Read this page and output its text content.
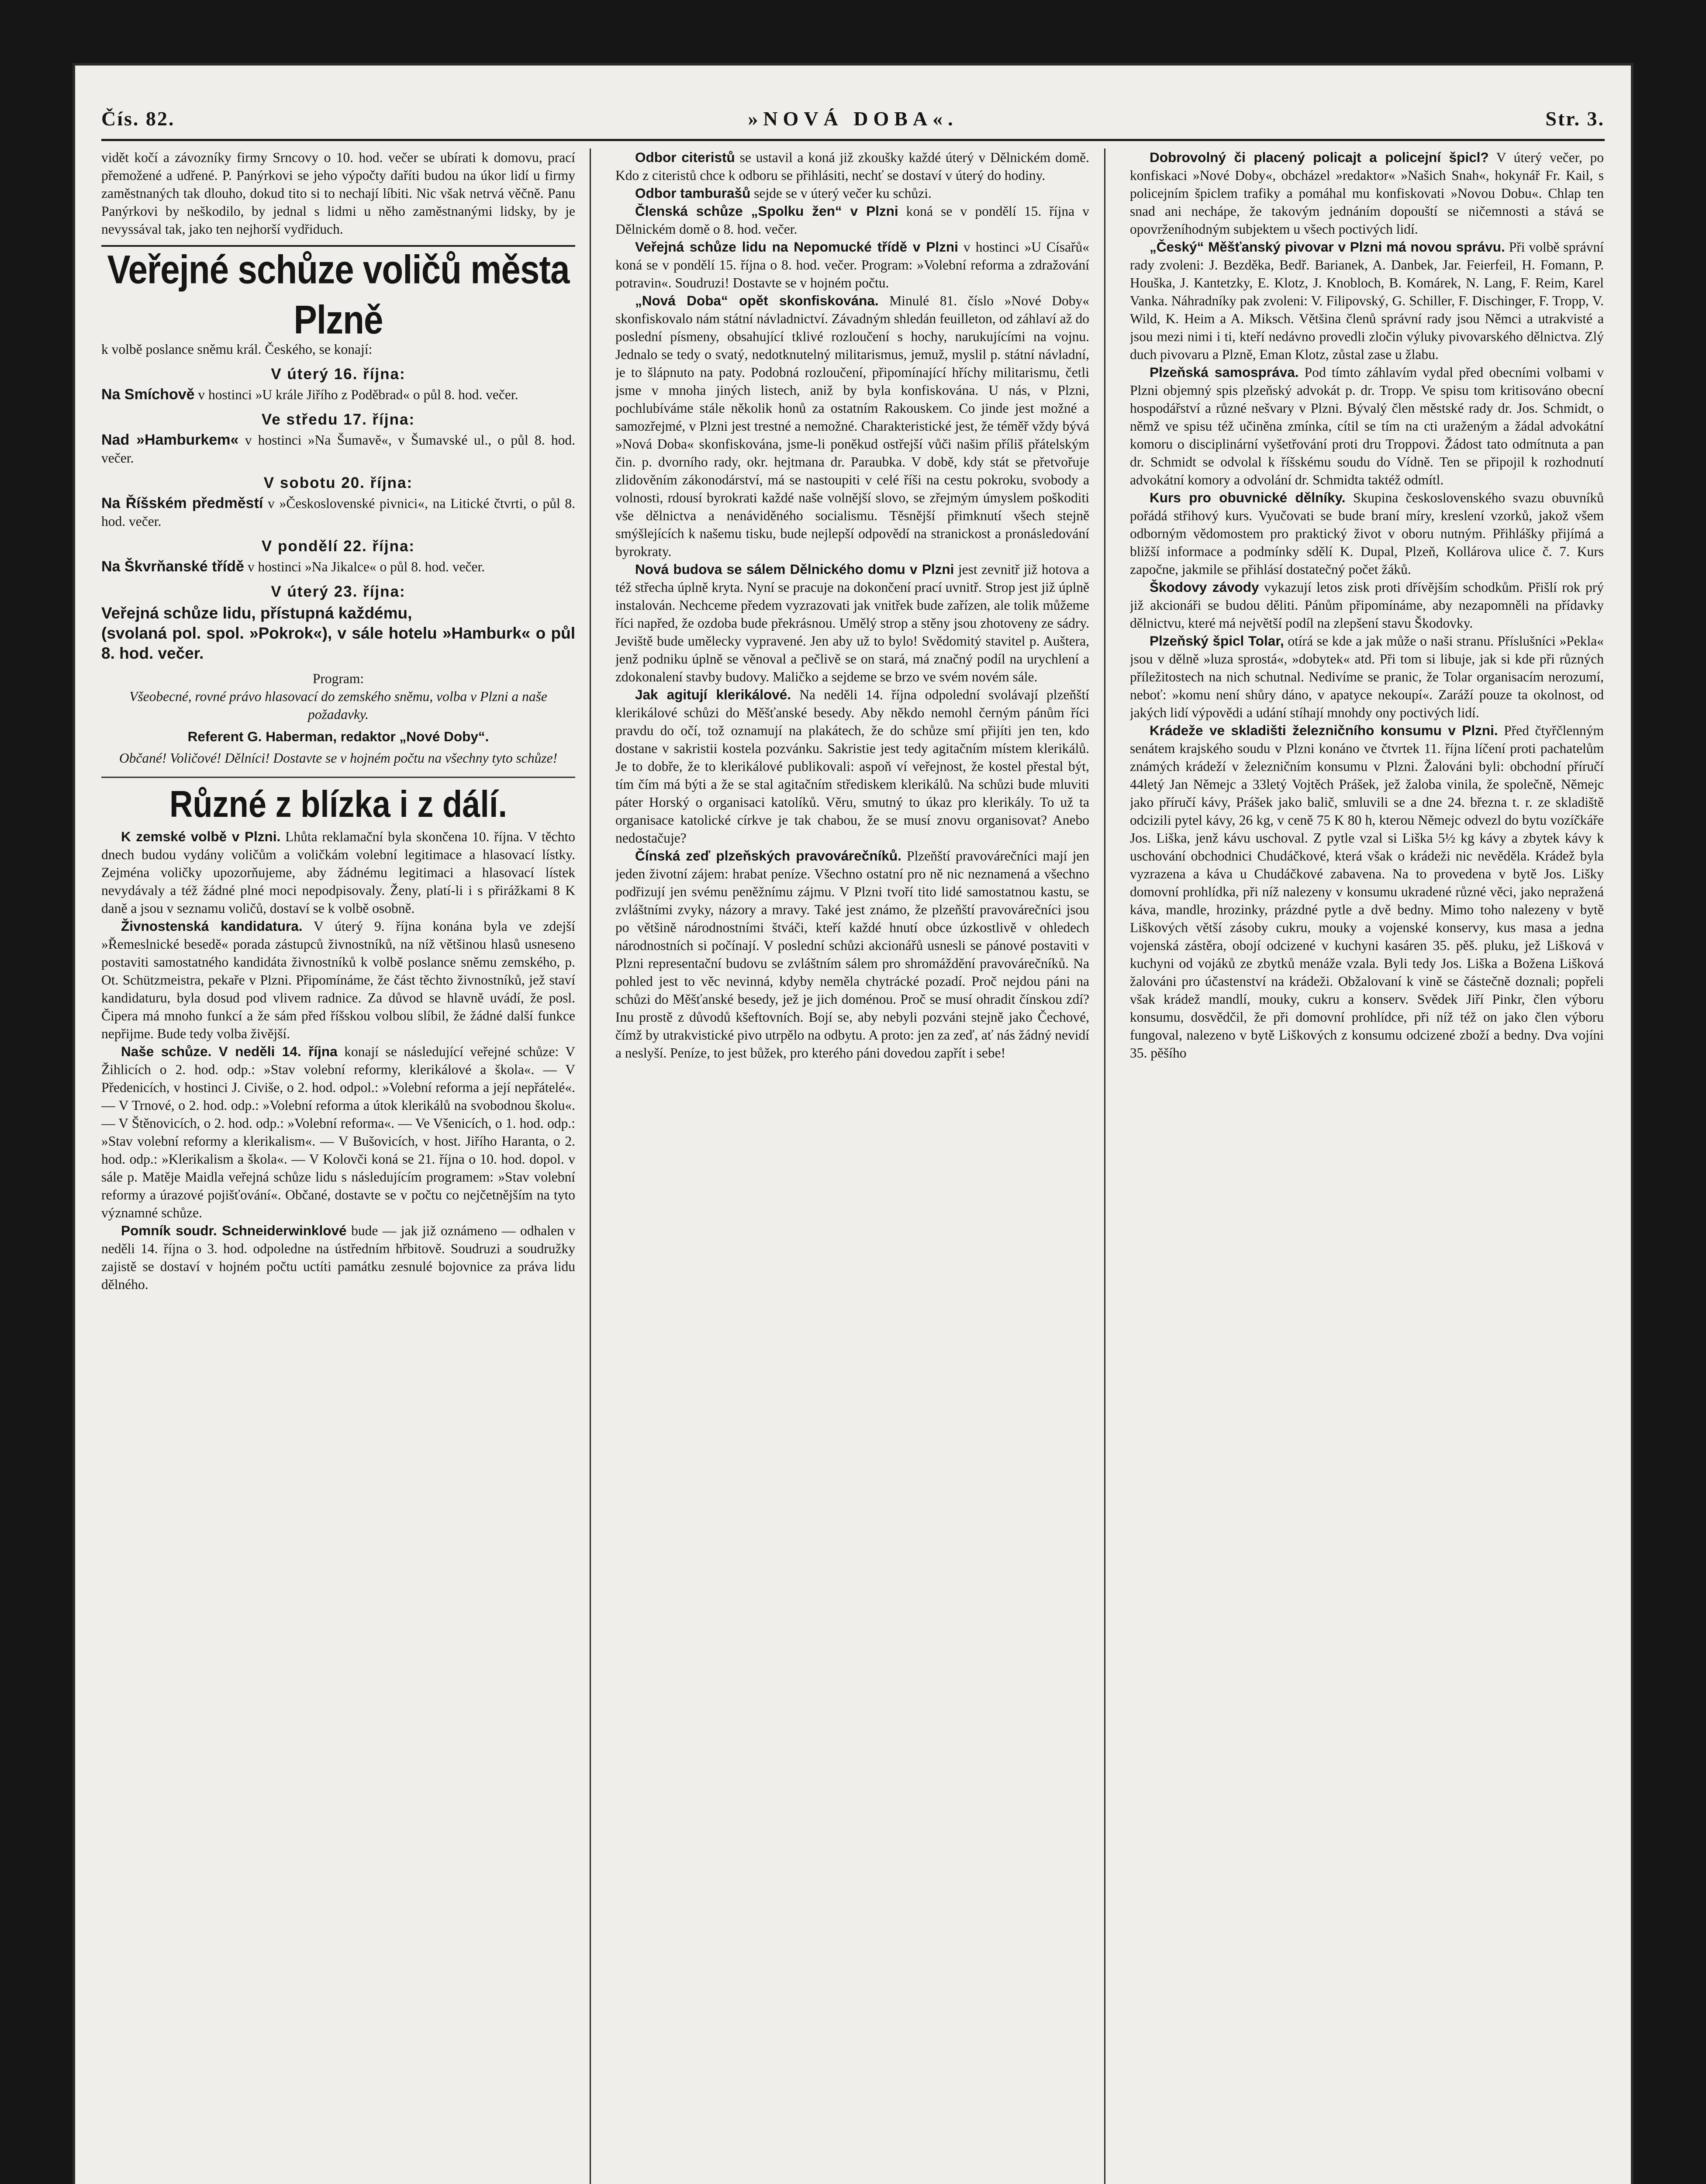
Čís. 82.	»NOVÁ DOBA«.	Str. 3.

vidět kočí a závozníky firmy Srncovy o 10. hod. večer se ubírati k domovu, prací přemožené a udřené. P. Panýrkovi se jeho výpočty daříti budou na úkor lidí u firmy zaměstnaných tak dlouho, dokud tito si to nechají líbiti. Nic však netrvá věčně. Panu Panýrkovi by neškodilo, by jednal s lidmi u něho zaměstnanými lidsky, by je nevyssával tak, jako ten nejhorší vydřiduch.

Veřejné schůze voličů města Plzně

k volbě poslance sněmu král. Českého, se konají:

V úterý 16. října:

Na Smíchově v hostinci »U krále Jiřího z Poděbrad« o půl 8. hod. večer.

Ve středu 17. října:

Nad »Hamburkem« v hostinci »Na Šumavě«, v Šumavské ul., o půl 8. hod. večer.

V sobotu 20. října:

Na Říšském předměstí v »Československé pivnici«, na Litické čtvrti, o půl 8. hod. večer.

V pondělí 22. října:

Na Škvrňanské třídě v hostinci »Na Jikalce« o půl 8. hod. večer.

V úterý 23. října:

Veřejná schůze lidu, přístupná každému,

(svolaná pol. spol. »Pokrok«), v sále hotelu »Hamburk« o půl 8. hod. večer.

Program:

Všeobecné, rovné právo hlasovací do zemského sněmu, volba v Plzni a naše požadavky.

Referent G. Haberman, redaktor „Nové Doby“.

Občané! Voličové! Dělníci! Dostavte se v hojném počtu na všechny tyto schůze!

Různé z blízka i z dálí.

K zemské volbě v Plzni. Lhůta reklamační byla skončena 10. října. V těchto dnech budou vydány voličům a voličkám volební legitimace a hlasovací lístky. Zejména voličky upozorňujeme, aby žádnému legitimaci a hlasovací lístek nevydávaly a též žádné plné moci nepodpisovaly. Ženy, platí-li i s přirážkami 8 K daně a jsou v seznamu voličů, dostaví se k volbě osobně.

Živnostenská kandidatura. V úterý 9. října konána byla ve zdejší »Řemeslnické besedě« porada zástupců živnostníků, na níž většinou hlasů usneseno postaviti samostatného kandidáta živnostníků k volbě poslance sněmu zemského, p. Ot. Schützmeistra, pekaře v Plzni. Připomínáme, že část těchto živnostníků, jež staví kandidaturu, byla dosud pod vlivem radnice. Za důvod se hlavně uvádí, že posl. Čipera má mnoho funkcí a že sám před říšskou volbou slíbil, že žádné další funkce nepřijme. Bude tedy volba živější.

Naše schůze. V neděli 14. října konají se následující veřejné schůze: V Žihlicích o 2. hod. odp.: »Stav volební reformy, klerikálové a škola«. — V Předenicích, v hostinci J. Civiše, o 2. hod. odpol.: »Volební reforma a její nepřátelé«. — V Trnové, o 2. hod. odp.: »Volební reforma a útok klerikálů na svobodnou školu«. — V Štěnovicích, o 2. hod. odp.: »Volební reforma«. — Ve Všenicích, o 1. hod. odp.: »Stav volební reformy a klerikalism«. — V Bušovicích, v host. Jiřího Haranta, o 2. hod. odp.: »Klerikalism a škola«. — V Kolovči koná se 21. října o 10. hod. dopol. v sále p. Matěje Maidla veřejná schůze lidu s následujícím programem: »Stav volební reformy a úrazové pojišťování«. Občané, dostavte se v počtu co nejčetnějším na tyto významné schůze.

Pomník soudr. Schneiderwinklové bude — jak již oznámeno — odhalen v neděli 14. října o 3. hod. odpoledne na ústředním hřbitově. Soudruzi a soudružky zajistě se dostaví v hojném počtu uctíti památku zesnulé bojovnice za práva lidu dělného.

Odbor citeristů se ustavil a koná již zkoušky každé úterý v Dělnickém domě. Kdo z citeristů chce k odboru se přihlásiti, nechť se dostaví v úterý do hodiny.

Odbor tamburašů sejde se v úterý večer ku schůzi.

Členská schůze „Spolku žen“ v Plzni koná se v pondělí 15. října v Dělnickém domě o 8. hod. večer.

Veřejná schůze lidu na Nepomucké třídě v Plzni v hostinci »U Císařů« koná se v pondělí 15. října o 8. hod. večer. Program: »Volební reforma a zdražování potravin«. Soudruzi! Dostavte se v hojném počtu.

„Nová Doba“ opět skonfiskována. Minulé 81. číslo »Nové Doby« skonfiskovalo nám státní návladnictví. Závadným shledán feuilleton, od záhlaví až do poslední písmeny, obsahující tklivé rozloučení s hochy, narukujícími na vojnu. Jednalo se tedy o svatý, nedotknutelný militarismus, jemuž, myslil p. státní návladní, je to šlápnuto na paty. Podobná rozloučení, připomínající hříchy militarismu, četli jsme v mnoha jiných listech, aniž by byla konfiskována. U nás, v Plzni, pochlubíváme stále několik honů za ostatním Rakouskem. Co jinde jest možné a samozřejmé, v Plzni jest trestné a nemožné. Charakteristické jest, že téměř vždy bývá »Nová Doba« skonfiskována, jsme-li poněkud ostřejší vůči našim příliš přátelským čin. p. dvorního rady, okr. hejtmana dr. Paraubka. V době, kdy stát se přetvořuje zlidověním zákonodárství, má se nastoupiti v celé říši na cestu pokroku, svobody a volnosti, rdousí byrokrati každé naše volnější slovo, se zřejmým úmyslem poškoditi vše dělnictva a nenáviděného socialismu. Těsnější přimknutí všech stejně smýšlejících k našemu tisku, bude nejlepší odpovědí na stranickost a pronásledování byrokraty.

Nová budova se sálem Dělnického domu v Plzni jest zevnitř již hotova a též střecha úplně kryta. Nyní se pracuje na dokončení prací uvnitř. Strop jest již úplně instalován. Nechceme předem vyzrazovati jak vnitřek bude zařízen, ale tolik můžeme říci napřed, že ozdoba bude překrásnou. Umělý strop a stěny jsou zhotoveny ze sádry. Jeviště bude umělecky vypravené. Jen aby už to bylo! Svědomitý stavitel p. Auštera, jenž podniku úplně se věnoval a pečlivě se on stará, má značný podíl na urychlení a zdokonalení stavby budovy. Maličko a sejdeme se brzo ve svém novém sále.

Jak agitují klerikálové. Na neděli 14. října odpolední svolávají plzeňští klerikálové schůzi do Měšťanské besedy. Aby někdo nemohl černým pánům říci pravdu do očí, tož oznamují na plakátech, že do schůze smí přijíti jen ten, kdo dostane v sakristii kostela pozvánku. Sakristie jest tedy agitačním místem klerikálů. Je to dobře, že to klerikálové publikovali: aspoň ví veřejnost, že kostel přestal být, tím čím má býti a že se stal agitačním střediskem klerikálů. Na schůzi bude mluviti páter Horský o organisaci katolíků. Věru, smutný to úkaz pro klerikály. To už ta organisace katolické církve je tak chabou, že se musí znovu organisovat? Anebo nedostačuje?

Čínská zeď plzeňských pravovárečníků. Plzeňští pravovárečníci mají jen jeden životní zájem: hrabat peníze. Všechno ostatní pro ně nic neznamená a všechno podřizují jen svému peněžnímu zájmu. V Plzni tvoří tito lidé samostatnou kastu, se zvláštními zvyky, názory a mravy. Také jest známo, že plzeňští pravovárečníci jsou po většině národnostními štváči, kteří každé hnutí obce úzkostlivě v ohledech národnostních si počínají. V poslední schůzi akcionářů usnesli se pánové postaviti v Plzni representační budovu se zvláštním sálem pro shromáždění pravovárečníků. Na pohled jest to věc nevinná, kdyby neměla chytrácké pozadí. Proč nejdou páni na schůzi do Měšťanské besedy, jež je jich doménou. Proč se musí ohradit čínskou zdí? Inu prostě z důvodů kšeftovních. Bojí se, aby nebyli pozváni stejně jako Čechové, čímž by utrakvistické pivo utrpělo na odbytu. A proto: jen za zeď, ať nás žádný nevidí a neslyší. Peníze, to jest bůžek, pro kterého páni dovedou zapřít i sebe!

Dobrovolný či placený policajt a policejní špicl? V úterý večer, po konfiskaci »Nové Doby«, obcházel »redaktor« »Našich Snah«, hokynář Fr. Kail, s policejním špiclem trafiky a pomáhal mu konfiskovati »Novou Dobu«. Chlap ten snad ani nechápe, že takovým jednáním dopouští se ničemnosti a stává se opovrženíhodným subjektem u všech poctivých lidí.

„Český“ Měšťanský pivovar v Plzni má novou správu. Při volbě správní rady zvoleni: J. Bezděka, Bedř. Barianek, A. Danbek, Jar. Feierfeil, H. Fomann, P. Houška, J. Kantetzky, E. Klotz, J. Knobloch, B. Komárek, N. Lang, F. Reim, Karel Vanka. Náhradníky pak zvoleni: V. Filipovský, G. Schiller, F. Dischinger, F. Tropp, V. Wild, K. Heim a A. Miksch. Většina členů správní rady jsou Němci a utrakvisté a jsou mezi nimi i ti, kteří nedávno provedli zločin výluky pivovarského dělnictva. Zlý duch pivovaru a Plzně, Eman Klotz, zůstal zase u žlabu.

Plzeňská samospráva. Pod tímto záhlavím vydal před obecními volbami v Plzni objemný spis plzeňský advokát p. dr. Tropp. Ve spisu tom kritisováno obecní hospodářství a různé nešvary v Plzni. Bývalý člen městské rady dr. Jos. Schmidt, o němž ve spisu též učiněna zmínka, cítil se tím na cti uraženým a žádal advokátní komoru o disciplinární vyšetřování proti dru Troppovi. Žádost tato odmítnuta a pan dr. Schmidt se odvolal k říšskému soudu do Vídně. Ten se připojil k rozhodnutí advokátní komory a odvolání dr. Schmidta taktéž odmítl.

Kurs pro obuvnické dělníky. Skupina československého svazu obuvníků pořádá střihový kurs. Vyučovati se bude braní míry, kreslení vzorků, jakož všem odborným vědomostem pro praktický život v oboru nutným. Přihlášky přijímá a bližší informace a podmínky sdělí K. Dupal, Plzeň, Kollárova ulice č. 7. Kurs započne, jakmile se přihlásí dostatečný počet žáků.

Škodovy závody vykazují letos zisk proti dřívějším schodkům. Přišlí rok prý již akcionáři se budou děliti. Pánům připomínáme, aby nezapomněli na přídavky dělnictvu, které má největší podíl na zlepšení stavu Škodovky.

Plzeňský špicl Tolar, otírá se kde a jak může o naši stranu. Příslušníci »Pekla« jsou v dělně »luza sprostá«, »dobytek« atd. Při tom si libuje, jak si kde při různých příležitostech na nich schutnal. Nedivíme se pranic, že Tolar organisacím nerozumí, neboť: »komu není shůry dáno, v apatyce nekoupí«. Zaráží pouze ta okolnost, od jakých lidí výpovědi a udání stíhají mnohdy ony poctivých lidí.

Krádeže ve skladišti železničního konsumu v Plzni. Před čtyřčlenným senátem krajského soudu v Plzni konáno ve čtvrtek 11. října líčení proti pachatelům známých krádeží v železničním konsumu v Plzni. Žalováni byli: obchodní příručí 44letý Jan Němejc a 33letý Vojtěch Prášek, jež žaloba vinila, že společně, Němejc jako příručí kávy, Prášek jako balič, smluvili se a dne 24. března t. r. ze skladiště odcizili pytel kávy, 26 kg, v ceně 75 K 80 h, kterou Němejc odvezl do bytu vozíčkáře Jos. Liška, jenž kávu uschoval. Z pytle vzal si Liška 5½ kg kávy a zbytek kávy k uschování obchodnici Chudáčkové, která však o krádeži nic nevěděla. Krádež byla vyzrazena a káva u Chudáčkové zabavena. Na to provedena v bytě Jos. Lišky domovní prohlídka, při níž nalezeny v konsumu ukradené různé věci, jako nepražená káva, mandle, hrozinky, prázdné pytle a dvě bedny. Mimo toho nalezeny v bytě Liškových větší zásoby cukru, mouky a vojenské konservy, kus masa a jedna vojenská zástěra, obojí odcizené v kuchyni kasáren 35. pěš. pluku, jež Lišková v kuchyni od vojáků ze zbytků menáže vzala. Byli tedy Jos. Liška a Božena Lišková žalováni pro účastenství na krádeži. Obžalovaní k vině se částečně doznali; popřeli však krádež mandlí, mouky, cukru a konserv. Svědek Jiří Pinkr, člen výboru konsumu, dosvědčil, že při domovní prohlídce, při níž též on jako člen výboru fungoval, nalezeno v bytě Liškových z konsumu odcizené zboží a bedny. Dva vojíni 35. pěšího
